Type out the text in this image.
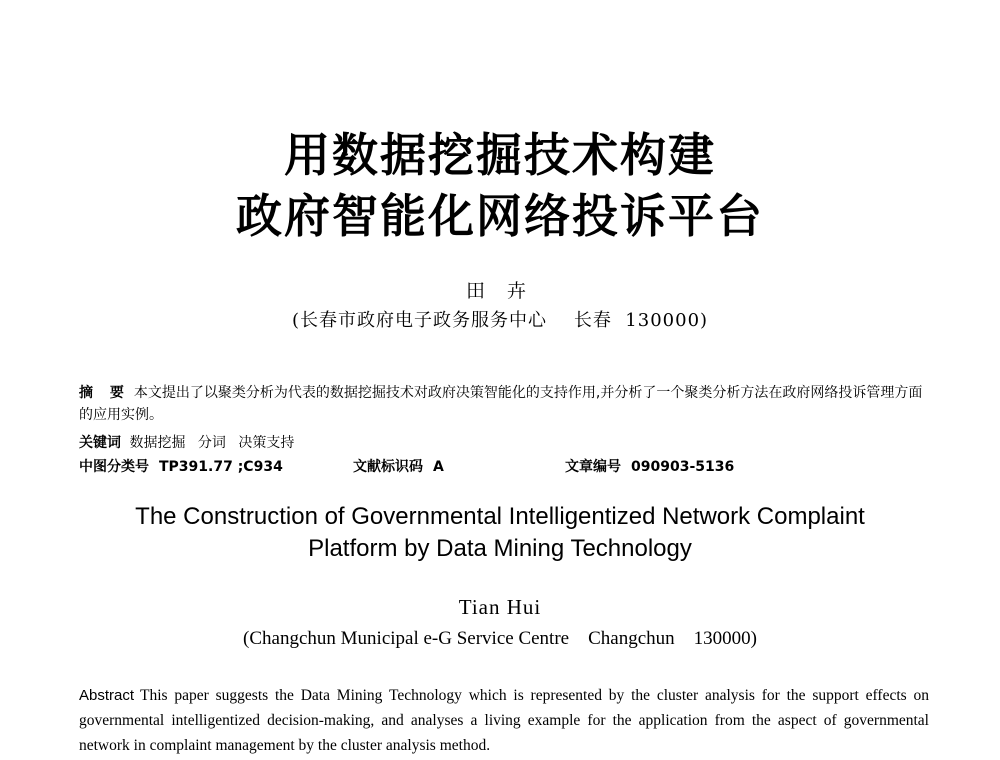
用数据挖掘技术构建
政府智能化网络投诉平台
田 卉
(长春市政府电子政务服务中心    长春  130000)
摘 要 本文提出了以聚类分析为代表的数据挖掘技术对政府决策智能化的支持作用,并分析了一个聚类分析方法在政府网络投诉管理方面的应用实例。
关键词 数据挖掘 分词 决策支持
中图分类号 TP391.77 ;C934	文献标识码 A	文章编号 090903-5136
The Construction of Governmental Intelligentized Network Complaint
Platform by Data Mining Technology
Tian Hui
(Changchun Municipal e-G Service Centre    Changchun    130000)
Abstract This paper suggests the Data Mining Technology which is represented by the cluster analysis for the support effects on governmental intelligentized decision-making, and analyses a living example for the application from the aspect of governmental network in complaint management by the cluster analysis method.
